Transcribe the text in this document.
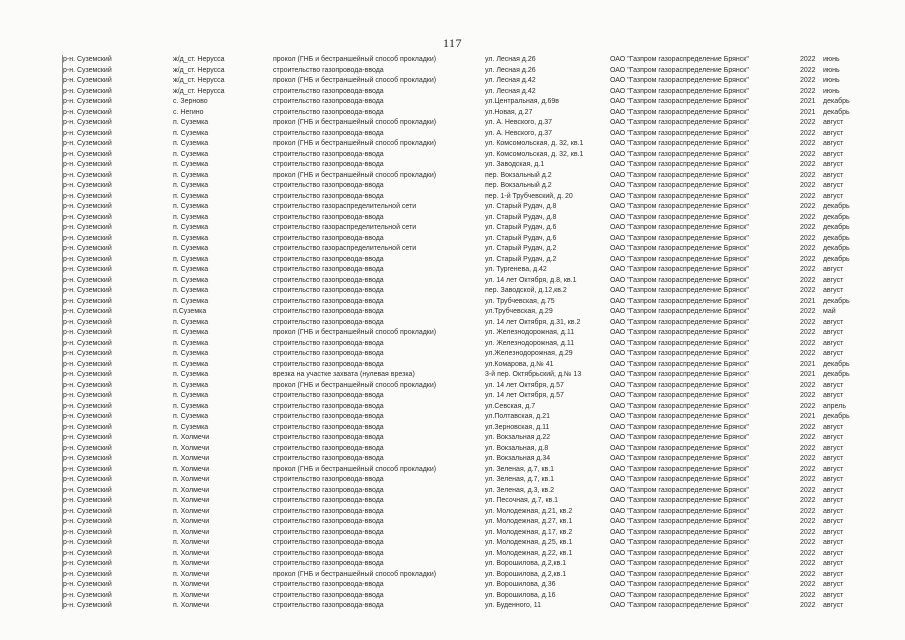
117
р-н. Суземский	ж/д_ст. Нерусса	прокол (ГНБ и бестраншейный способ прокладки)	ул. Лесная д.26	ОАО "Газпром газораспределение Брянск"	2022	июнь
р-н. Суземский	ж/д_ст. Нерусса	строительство газопровода-ввода	ул. Лесная д.26	ОАО "Газпром газораспределение Брянск"	2022	июнь
р-н. Суземский	ж/д_ст. Нерусса	прокол (ГНБ и бестраншейный способ прокладки)	ул. Лесная д.42	ОАО "Газпром газораспределение Брянск"	2022	июнь
р-н. Суземский	ж/д_ст. Нерусса	строительство газопровода-ввода	ул. Лесная д.42	ОАО "Газпром газораспределение Брянск"	2022	июнь
р-н. Суземский	с. Зерново	строительство газопровода-ввода	ул.Центральная, д.69в	ОАО "Газпром газораспределение Брянск"	2021	декабрь
р-н. Суземский	с. Негино	строительство газопровода-ввода	ул.Новая, д.27	ОАО "Газпром газораспределение Брянск"	2021	декабрь
р-н. Суземский	п. Суземка	прокол (ГНБ и бестраншейный способ прокладки)	ул. А. Невского, д.37	ОАО "Газпром газораспределение Брянск"	2022	август
р-н. Суземский	п. Суземка	строительство газопровода-ввода	ул. А. Невского, д.37	ОАО "Газпром газораспределение Брянск"	2022	август
р-н. Суземский	п. Суземка	прокол (ГНБ и бестраншейный способ прокладки)	ул. Комсомольская, д. 32, кв.1	ОАО "Газпром газораспределение Брянск"	2022	август
р-н. Суземский	п. Суземка	строительство газопровода-ввода	ул. Комсомольская, д. 32, кв.1	ОАО "Газпром газораспределение Брянск"	2022	август
р-н. Суземский	п. Суземка	строительство газопровода-ввода	ул. Заводская, д.1	ОАО "Газпром газораспределение Брянск"	2022	август
р-н. Суземский	п. Суземка	прокол (ГНБ и бестраншейный способ прокладки)	пер. Вокзальный д.2	ОАО "Газпром газораспределение Брянск"	2022	август
р-н. Суземский	п. Суземка	строительство газопровода-ввода	пер. Вокзальный д.2	ОАО "Газпром газораспределение Брянск"	2022	август
р-н. Суземский	п. Суземка	строительство газопровода-ввода	пер. 1-й Трубчевский, д. 20	ОАО "Газпром газораспределение Брянск"	2022	август
р-н. Суземский	п. Суземка	строительство газораспределительной сети	ул. Старый Рудач, д.8	ОАО "Газпром газораспределение Брянск"	2022	декабрь
р-н. Суземский	п. Суземка	строительство газопровода-ввода	ул. Старый Рудач, д.8	ОАО "Газпром газораспределение Брянск"	2022	декабрь
р-н. Суземский	п. Суземка	строительство газораспределительной сети	ул. Старый Рудач, д.6	ОАО "Газпром газораспределение Брянск"	2022	декабрь
р-н. Суземский	п. Суземка	строительство газопровода-ввода	ул. Старый Рудач, д.6	ОАО "Газпром газораспределение Брянск"	2022	декабрь
р-н. Суземский	п. Суземка	строительство газораспределительной сети	ул. Старый Рудач, д.2	ОАО "Газпром газораспределение Брянск"	2022	декабрь
р-н. Суземский	п. Суземка	строительство газопровода-ввода	ул. Старый Рудач, д.2	ОАО "Газпром газораспределение Брянск"	2022	декабрь
р-н. Суземский	п. Суземка	строительство газопровода-ввода	ул. Тургенева, д.42	ОАО "Газпром газораспределение Брянск"	2022	август
р-н. Суземский	п. Суземка	строительство газопровода-ввода	ул. 14 лет Октября, д.8, кв.1	ОАО "Газпром газораспределение Брянск"	2022	август
р-н. Суземский	п. Суземка	строительство газопровода-ввода	пер. Заводской, д.12,кв.2	ОАО "Газпром газораспределение Брянск"	2022	август
р-н. Суземский	п. Суземка	строительство газопровода-ввода	ул. Трубчевская, д.75	ОАО "Газпром газораспределение Брянск"	2021	декабрь
р-н. Суземский	п.Суземка	строительство газопровода-ввода	ул.Трубчевская, д.29	ОАО "Газпром газораспределение Брянск"	2022	май
р-н. Суземский	п. Суземка	строительство газопровода-ввода	ул. 14 лет Октября, д.31, кв.2	ОАО "Газпром газораспределение Брянск"	2022	август
р-н. Суземский	п. Суземка	прокол (ГНБ и бестраншейный способ прокладки)	ул. Железнодорожная, д.11	ОАО "Газпром газораспределение Брянск"	2022	август
р-н. Суземский	п. Суземка	строительство газопровода-ввода	ул. Железнодорожная, д.11	ОАО "Газпром газораспределение Брянск"	2022	август
р-н. Суземский	п. Суземка	строительство газопровода-ввода	ул.Железнодорожная, д.29	ОАО "Газпром газораспределение Брянск"	2022	август
р-н. Суземский	п. Суземка	строительство газопровода-ввода	ул.Комарова, д.№ 41	ОАО "Газпром газораспределение Брянск"	2021	декабрь
р-н. Суземский	п. Суземка	врезка на участке захвата (нулевая врезка)	3-й пер. Октябрьский, д.№ 13	ОАО "Газпром газораспределение Брянск"	2021	декабрь
р-н. Суземский	п. Суземка	прокол (ГНБ и бестраншейный способ прокладки)	ул. 14 лет Октября, д.57	ОАО "Газпром газораспределение Брянск"	2022	август
р-н. Суземский	п. Суземка	строительство газопровода-ввода	ул. 14 лет Октября, д.57	ОАО "Газпром газораспределение Брянск"	2022	август
р-н. Суземский	п. Суземка	строительство газопровода-ввода	ул.Севская, д.7	ОАО "Газпром газораспределение Брянск"	2022	апрель
р-н. Суземский	п. Суземка	строительство газопровода-ввода	ул.Полтавская, д.21	ОАО "Газпром газораспределение Брянск"	2021	декабрь
р-н. Суземский	п. Суземка	строительство газопровода-ввода	ул.Зерновская, д.11	ОАО "Газпром газораспределение Брянск"	2022	август
р-н. Суземский	п. Холмечи	строительство газопровода-ввода	ул. Вокзальная д.22	ОАО "Газпром газораспределение Брянск"	2022	август
р-н. Суземский	п. Холмечи	строительство газопровода-ввода	ул. Вокзальная, д.8	ОАО "Газпром газораспределение Брянск"	2022	август
р-н. Суземский	п. Холмечи	строительство газопровода-ввода	ул. Вокзальная д.34	ОАО "Газпром газораспределение Брянск"	2022	август
р-н. Суземский	п. Холмечи	прокол (ГНБ и бестраншейный способ прокладки)	ул. Зеленая, д.7, кв.1	ОАО "Газпром газораспределение Брянск"	2022	август
р-н. Суземский	п. Холмечи	строительство газопровода-ввода	ул. Зеленая, д.7, кв.1	ОАО "Газпром газораспределение Брянск"	2022	август
р-н. Суземский	п. Холмечи	строительство газопровода-ввода	ул. Зеленая, д.3, кв.2	ОАО "Газпром газораспределение Брянск"	2022	август
р-н. Суземский	п. Холмечи	строительство газопровода-ввода	ул. Песочная, д.7, кв.1	ОАО "Газпром газораспределение Брянск"	2022	август
р-н. Суземский	п. Холмечи	строительство газопровода-ввода	ул. Молодежная, д.21, кв.2	ОАО "Газпром газораспределение Брянск"	2022	август
р-н. Суземский	п. Холмечи	строительство газопровода-ввода	ул. Молодежная, д.27, кв.1	ОАО "Газпром газораспределение Брянск"	2022	август
р-н. Суземский	п. Холмечи	строительство газопровода-ввода	ул. Молодежная, д.17, кв.2	ОАО "Газпром газораспределение Брянск"	2022	август
р-н. Суземский	п. Холмечи	строительство газопровода-ввода	ул. Молодежная, д.25, кв.1	ОАО "Газпром газораспределение Брянск"	2022	август
р-н. Суземский	п. Холмечи	строительство газопровода-ввода	ул. Молодежная, д.22, кв.1	ОАО "Газпром газораспределение Брянск"	2022	август
р-н. Суземский	п. Холмечи	строительство газопровода-ввода	ул. Ворошилова, д.2,кв.1	ОАО "Газпром газораспределение Брянск"	2022	август
р-н. Суземский	п. Холмечи	прокол (ГНБ и бестраншейный способ прокладки)	ул. Ворошилова, д.2,кв.1	ОАО "Газпром газораспределение Брянск"	2022	август
р-н. Суземский	п. Холмечи	строительство газопровода-ввода	ул. Ворошилова, д.36	ОАО "Газпром газораспределение Брянск"	2022	август
р-н. Суземский	п. Холмечи	строительство газопровода-ввода	ул. Ворошилова, д.16	ОАО "Газпром газораспределение Брянск"	2022	август
р-н. Суземский	п. Холмечи	строительство газопровода-ввода	ул. Буденного, 11	ОАО "Газпром газораспределение Брянск"	2022	август
